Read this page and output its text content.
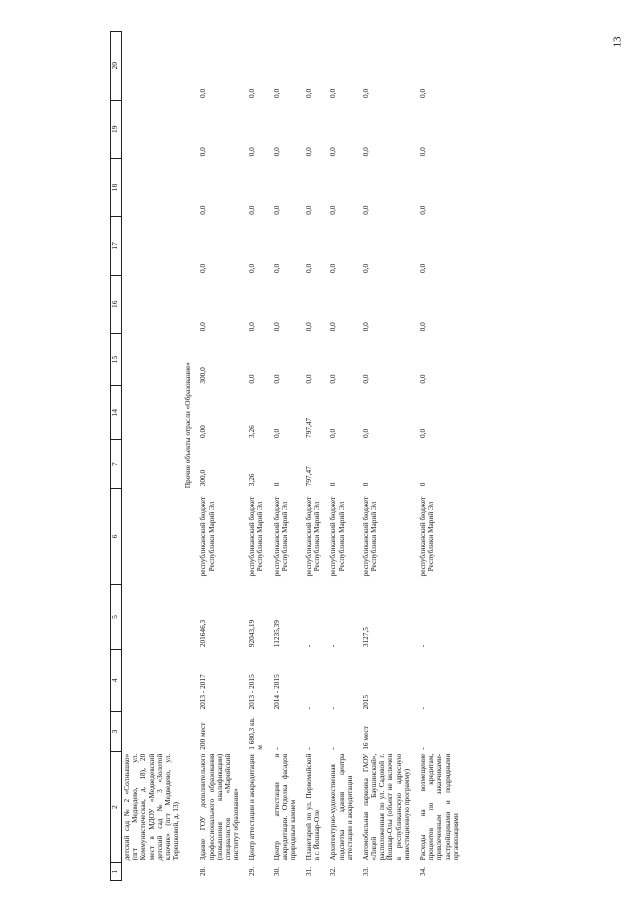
13
1	2	3	4	5	6	7	14	15	16	17	18	19	20
	детский сад № 2 «Солнышко» (пгт Медведево, ул. Коммунистическая, д. 18), 20 мест в МДОУ «Медведевский детский сад № 3 «Золотой ключик» (пгт Медведево, ул. Терешковой, д. 13)												
						Прочие объекты отрасли «Образование»							
28.	Здание ГОУ дополнительного профессионального образования (повышения квалификации) специалистов «Марийский институт образования»	200 мест	2013 - 2017	201646,3	республиканский бюджет Республики Марий Эл	300,0	0,00	300,0	0,0	0,0	0,0	0,0	0,0
29.	Центр аттестации и аккредитации	1 680,3 кв. м	2013 - 2015	92043,19	республиканский бюджет Республики Марий Эл	3,26	3,26	0,0	0,0	0,0	0,0	0,0	0,0
30.	Центр аттестации и аккредитации. Отделка фасадов природным камнем	-	2014 - 2015	11235,39	республиканский бюджет Республики Марий Эл	0	0,0	0,0	0,0	0,0	0,0	0,0	0,0
31.	Планетарий по ул. Первомайской в г. Йошкар-Оле	-	-	-	республиканский бюджет Республики Марий Эл	797,47	797,47	0,0	0,0	0,0	0,0	0,0	0,0
32.	Архитектурно-художественная подсветка здания центра аттестации и аккредитации	-	-	-	республиканский бюджет Республики Марий Эл	0	0,0	0,0	0,0	0,0	0,0	0,0	0,0
33.	Автомобильная парковка ГАОУ «Лицей Баушинский», расположенная по ул. Садовой г. Йошкар-Олы (объект не включен в республиканскую адресную инвестиционную программу)	16 мест	2015	3127,5	республиканский бюджет Республики Марий Эл	0	0,0	0,0	0,0	0,0	0,0	0,0	0,0
34.	Расходы на возмещение процентов по кредитам, привлеченным заказчиками-застройщиками и подрядными организациями	-	-	-	республиканский бюджет Республики Марий Эл	0	0,0	0,0	0,0	0,0	0,0	0,0	0,0
